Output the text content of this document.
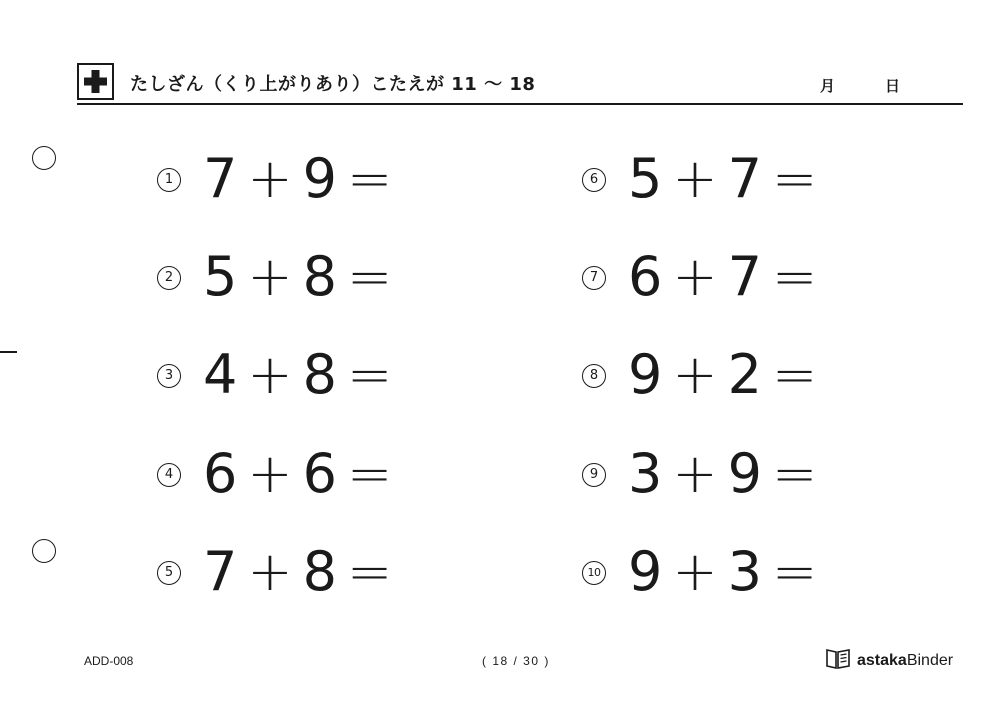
たしざん（くり上がりあり）こたえが 11 〜 18	月	日
1 7 + 9 =
2 5 + 8 =
3 4 + 8 =
4 6 + 6 =
5 7 + 8 =
6 5 + 7 =
7 6 + 7 =
8 9 + 2 =
9 3 + 9 =
10 9 + 3 =
ADD-008	( 18 / 30 )	astaka Binder
